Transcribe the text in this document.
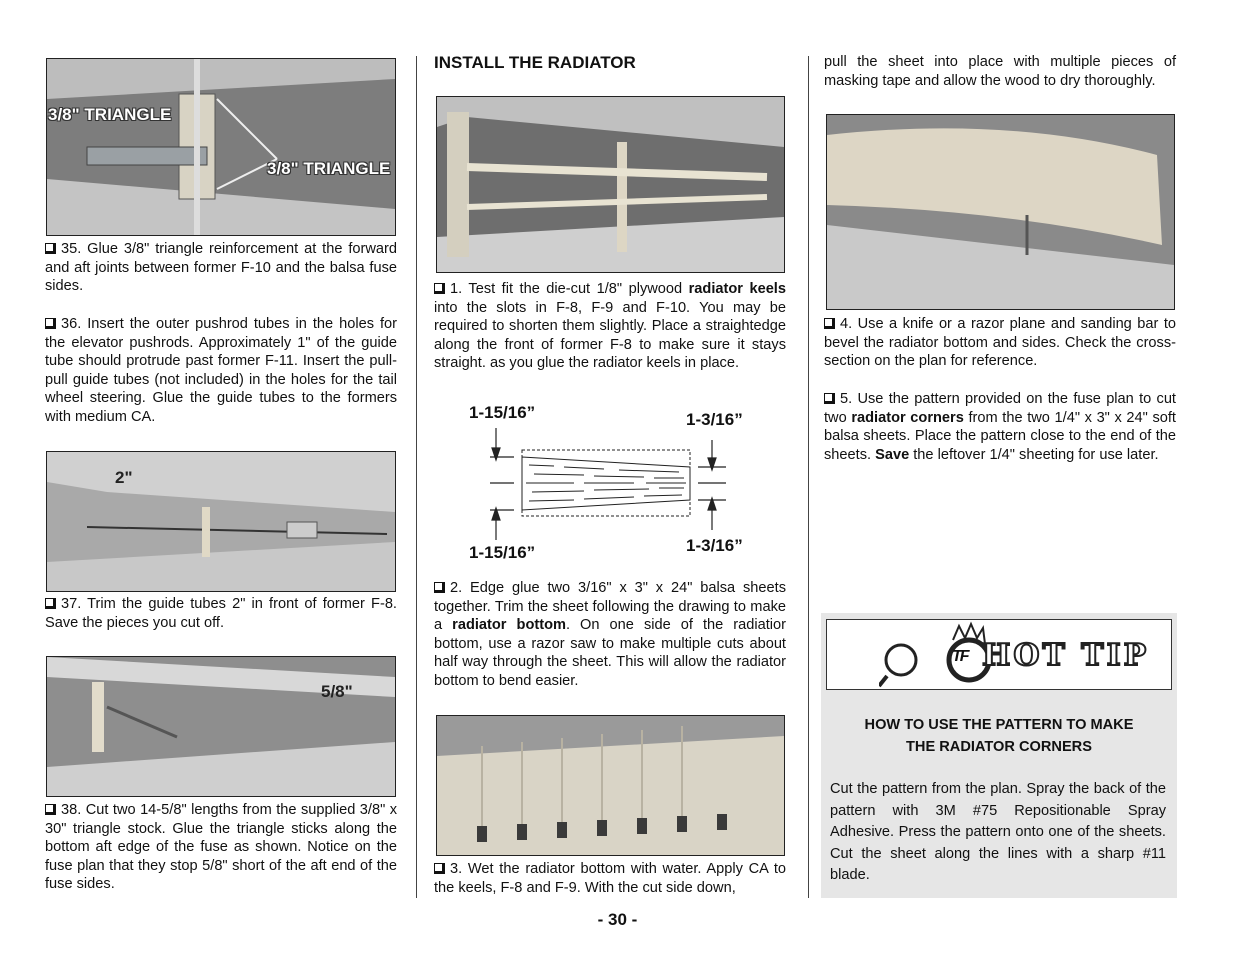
3/8" TRIANGLE
3/8" TRIANGLE

35. Glue 3/8" triangle reinforcement at the forward and aft joints between former F-10 and the balsa fuse sides.

36. Insert the outer pushrod tubes in the holes for the elevator pushrods. Approximately 1" of the guide tube should protrude past former F-11. Insert the pull-pull guide tubes (not included) in the holes for the tail wheel steering. Glue the guide tubes to the formers with medium CA.

2"

37. Trim the guide tubes 2" in front of former F-8. Save the pieces you cut off.

5/8"

38. Cut two 14-5/8" lengths from the supplied 3/8" x 30" triangle stock. Glue the triangle sticks along the bottom aft edge of the fuse as shown. Notice on the fuse plan that they stop 5/8" short of the aft end of the fuse sides.

INSTALL THE RADIATOR

1. Test fit the die-cut 1/8" plywood radiator keels into the slots in F-8, F-9 and F-10. You may be required to shorten them slightly. Place a straightedge along the front of former F-8 to make sure it stays straight. as you glue the radiator keels in place.

1-15/16”	1-3/16”
1-15/16”	1-3/16”

2. Edge glue two 3/16" x 3" x 24" balsa sheets together. Trim the sheet following the drawing to make a radiator bottom. On one side of the radiatior bottom, use a razor saw to make multiple cuts about half way through the sheet. This will allow the radiator bottom to bend easier.

3. Wet the radiator bottom with water. Apply CA to the keels, F-8 and F-9. With the cut side down,

pull the sheet into place with multiple pieces of masking tape and allow the wood to dry thoroughly.

4. Use a knife or a razor plane and sanding bar to bevel the radiator bottom and sides. Check the cross-section on the plan for reference.

5. Use the pattern provided on the fuse plan to cut two radiator corners from the two 1/4" x 3" x 24" soft balsa sheets. Place the pattern close to the end of the sheets. Save the leftover 1/4" sheeting for use later.

TF HOT TIP
HOW TO USE THE PATTERN TO MAKE
THE RADIATOR CORNERS

Cut the pattern from the plan. Spray the back of the pattern with 3M #75 Repositionable Spray Adhesive. Press the pattern onto one of the sheets. Cut the sheet along the lines with a sharp #11 blade.

- 30 -
